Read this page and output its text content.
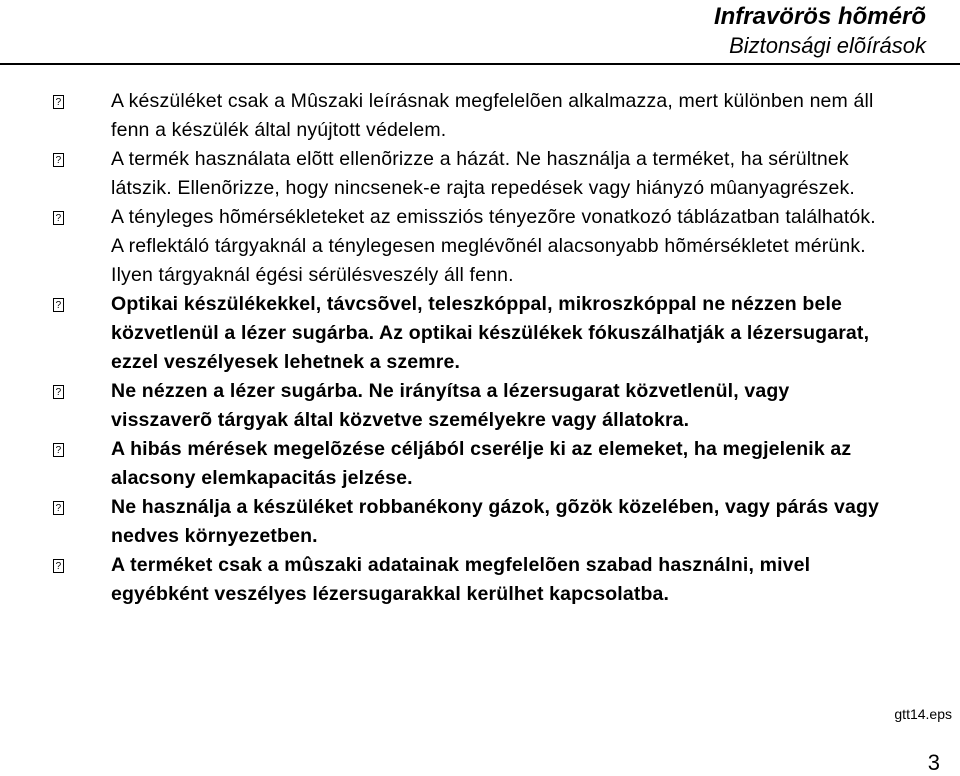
Infravörös hõmérõ
Biztonsági elõírások
?	A készüléket csak a Mûszaki leírásnak megfelelõen alkalmazza, mert különben nem áll fenn a készülék által nyújtott védelem.
?	A termék használata elõtt ellenõrizze a házát. Ne használja a terméket, ha sérültnek látszik. Ellenõrizze, hogy nincsenek-e rajta repedések vagy hiányzó mûanyagrészek.
?	A tényleges hõmérsékleteket az emissziós tényezõre vonatkozó táblázatban találhatók. A reflektáló tárgyaknál a ténylegesen meglévõnél alacsonyabb hõmérsékletet mérünk. Ilyen tárgyaknál égési sérülésveszély áll fenn.
?	Optikai készülékekkel, távcsõvel, teleszkóppal, mikroszkóppal ne nézzen bele közvetlenül a lézer sugárba. Az optikai készülékek fókuszálhatják a lézersugarat, ezzel veszélyesek lehetnek a szemre.
?	Ne nézzen a lézer sugárba. Ne irányítsa a lézersugarat közvetlenül, vagy visszaverõ tárgyak által közvetve személyekre vagy állatokra.
?	A hibás mérések megelõzése céljából cserélje ki az elemeket, ha megjelenik az alacsony elemkapacitás jelzése.
?	Ne használja a készüléket robbanékony gázok, gõzök közelében, vagy párás vagy nedves környezetben.
?	A terméket csak a mûszaki adatainak megfelelõen szabad használni, mivel egyébként veszélyes lézersugarakkal kerülhet kapcsolatba.
gtt14.eps
3
